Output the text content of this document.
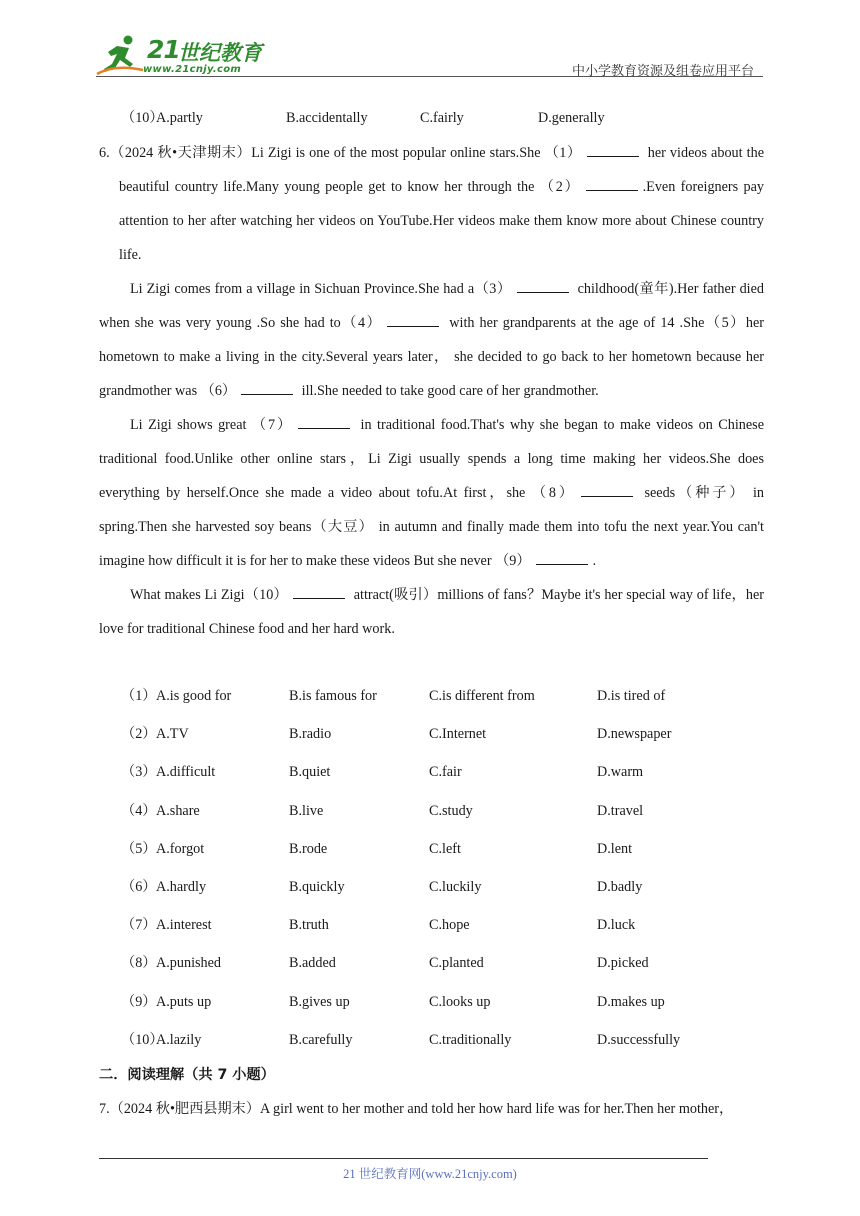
21
世纪教育
www.21cnjy.com	中小学教育资源及组卷应用平台
（10）
A.partly	B.accidentally	C.fairly	D.generally
6.（2024 秋•天津期末）Li Zigi is one of the most popular online stars.She （1）	her videos about the beautiful country life.Many young people get to know her through the （2）	.Even foreigners pay attention to her after watching her videos on YouTube.Her videos make them know more about Chinese country life.
Li Zigi comes from a village in Sichuan Province.She had a（3）	childhood(童年).Her father died when she was very young .So she had to（4）	with her grandparents at the age of 14 .She（5）her hometown to make a living in the city.Several years later， she decided to go back to her hometown because her grandmother was （6）	ill.She needed to take good care of her grandmother.
Li Zigi shows great （7）	in traditional food.That's why she began to make videos on Chinese traditional food.Unlike other online stars，Li Zigi usually spends a long time making her videos.She does everything by herself.Once she made a video about tofu.At first，she （8）	seeds（种子） in spring.Then she harvested soy beans（大豆） in autumn and finally made them into tofu the next year.You can't imagine how difficult it is for her to make these videos But she never （9）	.
What makes Li Zigi（10）	attract(吸引）millions of fans？Maybe it's her special way of life，her love for traditional Chinese food and her hard work.
（1） A.is good for	B.is famous for	C.is different from	D.is tired of
（2） A.TV	B.radio	C.Internet	D.newspaper
（3） A.difficult	B.quiet	C.fair	D.warm
（4） A.share	B.live	C.study	D.travel
（5） A.forgot	B.rode	C.left	D.lent
（6） A.hardly	B.quickly	C.luckily	D.badly
（7） A.interest	B.truth	C.hope	D.luck
（8） A.punished	B.added	C.planted	D.picked
（9） A.puts up	B.gives up	C.looks up	D.makes up
（10）
A.lazily	B.carefully	C.traditionally	D.successfully
二．阅读理解（共 7 小题）
7.（2024 秋•肥西县期末）A girl went to her mother and told her how hard life was for her.Then her mother，
21 世纪教育网(www.21cnjy.com)
